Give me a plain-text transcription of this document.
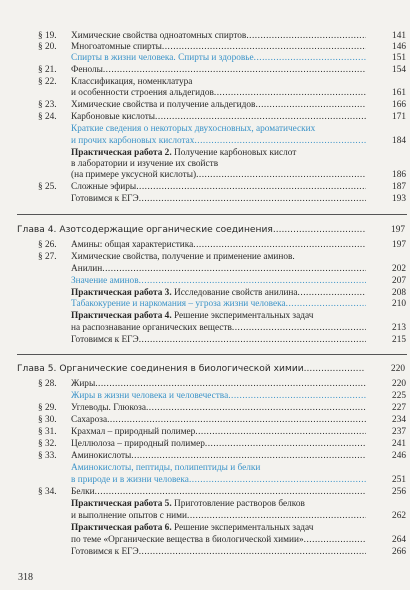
§ 19.	Химические свойства одноатомных спиртов .....	141
§ 20.	Многоатомные спирты .....	146
Спирты в жизни человека. Спирты и здоровье .....	151
§ 21.	Фенолы .....	154
§ 22.	Классификация, номенклатура
и особенности строения альдегидов .....	161
§ 23.	Химические свойства и получение альдегидов .....	166
§ 24.	Карбоновые кислоты .....	171
Краткие сведения о некоторых двухосновных, ароматических
и прочих карбоновых кислотах .....	184
Практическая работа 2. Получение карбоновых кислот
в лаборатории и изучение их свойств
(на примере уксусной кислоты) .....	186
§ 25.	Сложные эфиры .....	187
Готовимся к ЕГЭ .....	193
Глава 4. Азотсодержащие органические соединения .....	197
§ 26.	Амины: общая характеристика .....	197
§ 27.	Химические свойства, получение и применение аминов.
Анилин .....	202
Значение аминов .....	207
Практическая работа 3. Исследование свойств анилина .....	208
Табакокурение и наркомания – угроза жизни человека .....	210
Практическая работа 4. Решение экспериментальных задач
на распознавание органических веществ .....	213
Готовимся к ЕГЭ .....	215
Глава 5. Органические соединения в биологической химии .....	220
§ 28.	Жиры .....	220
Жиры в жизни человека и человечества .....	225
§ 29.	Углеводы. Глюкоза .....	227
§ 30.	Сахароза .....	234
§ 31.	Крахмал – природный полимер .....	237
§ 32.	Целлюлоза – природный полимер .....	241
§ 33.	Аминокислоты .....	246
Аминокислоты, пептиды, полипептиды и белки
в природе и в жизни человека .....	251
§ 34.	Белки .....	256
Практическая работа 5. Приготовление растворов белков
и выполнение опытов с ними .....	262
Практическая работа 6. Решение экспериментальных задач
по теме «Органические вещества в биологической химии» .....	264
Готовимся к ЕГЭ .....	266
318
